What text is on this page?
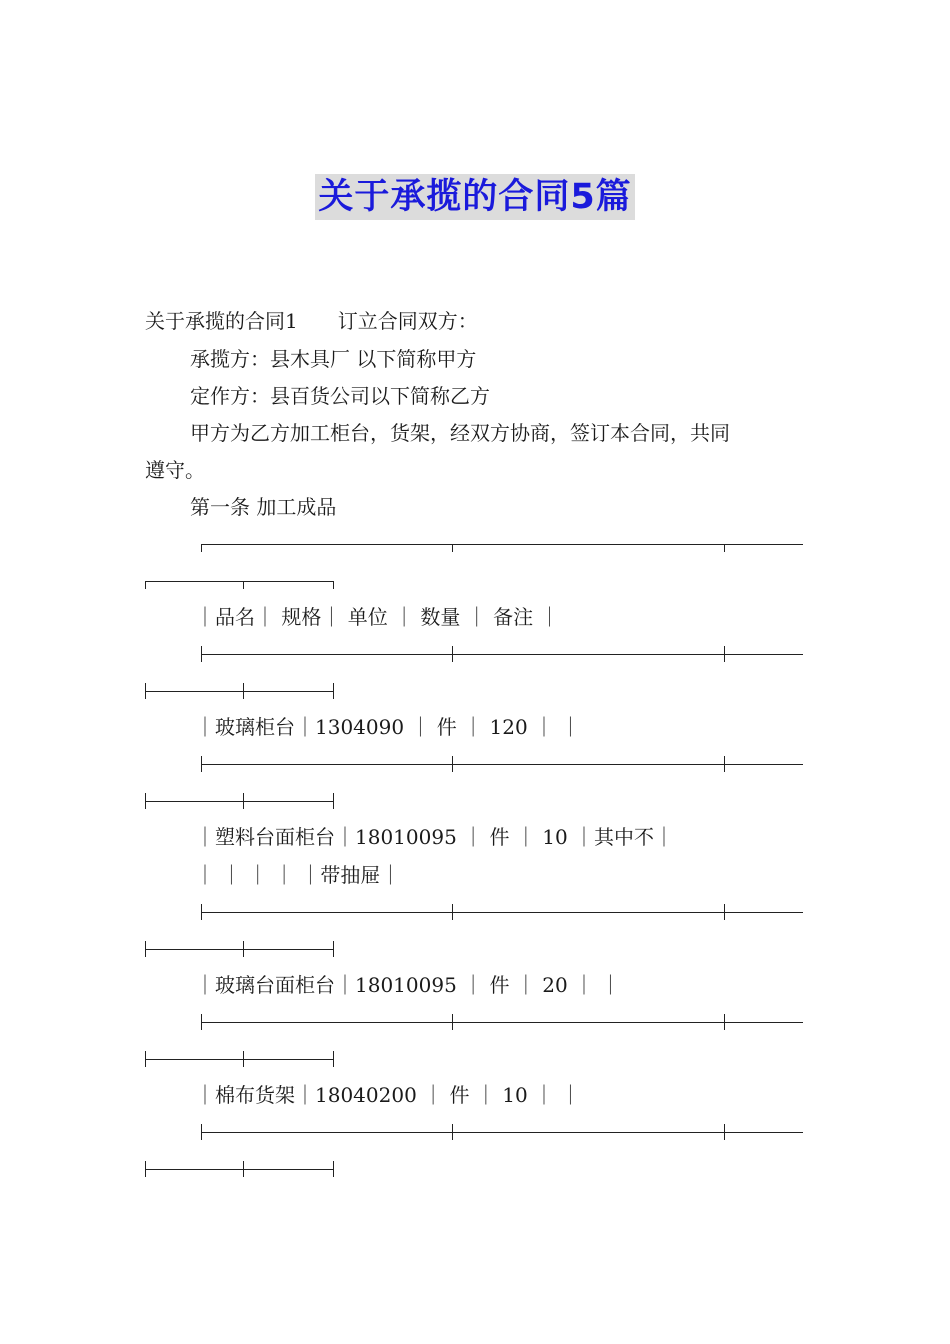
关于承揽的合同5篇
关于承揽的合同1　　订立合同双方：
承揽方：县木具厂 以下简称甲方
定作方：县百货公司以下简称乙方
甲方为乙方加工柜台，货架，经双方协商，签订本合同，共同
遵守。
第一条 加工成品
｜品名｜ 规格｜ 单位 ｜ 数量 ｜ 备注 ｜
｜玻璃柜台｜1304090 ｜ 件 ｜ 120 ｜ ｜
｜塑料台面柜台｜18010095 ｜ 件 ｜ 10 ｜其中不｜
｜ ｜ ｜ ｜ ｜带抽屉｜
｜玻璃台面柜台｜18010095 ｜ 件 ｜ 20 ｜ ｜
｜棉布货架｜18040200 ｜ 件 ｜ 10 ｜ ｜
